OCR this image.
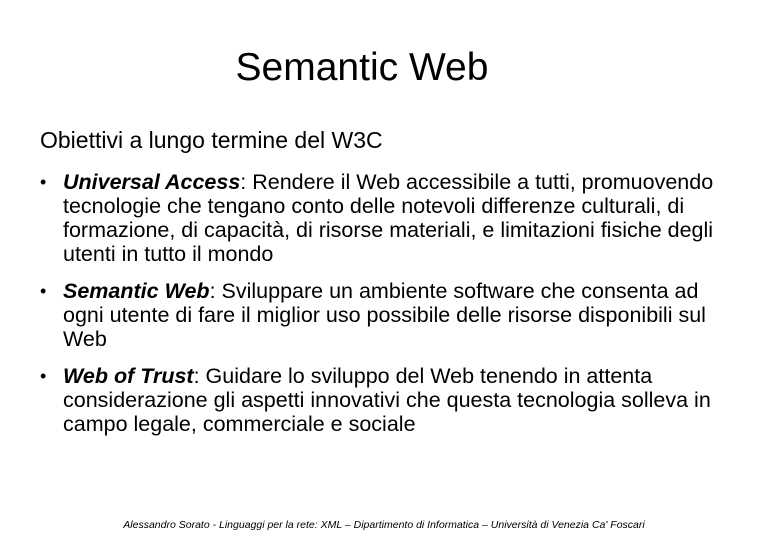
Semantic Web
Obiettivi a lungo termine del W3C
• Universal Access: Rendere il Web accessibile a tutti, promuovendo tecnologie che tengano conto delle notevoli differenze culturali, di formazione, di capacità, di risorse materiali, e limitazioni fisiche degli utenti in tutto il mondo
• Semantic Web: Sviluppare un ambiente software che consenta ad ogni utente di fare il miglior uso possibile delle risorse disponibili sul Web
• Web of Trust: Guidare lo sviluppo del Web tenendo in attenta considerazione gli aspetti innovativi che questa tecnologia solleva in campo legale, commerciale e sociale
Alessandro Sorato - Linguaggi per la rete: XML – Dipartimento di Informatica – Università di Venezia Ca' Foscari
